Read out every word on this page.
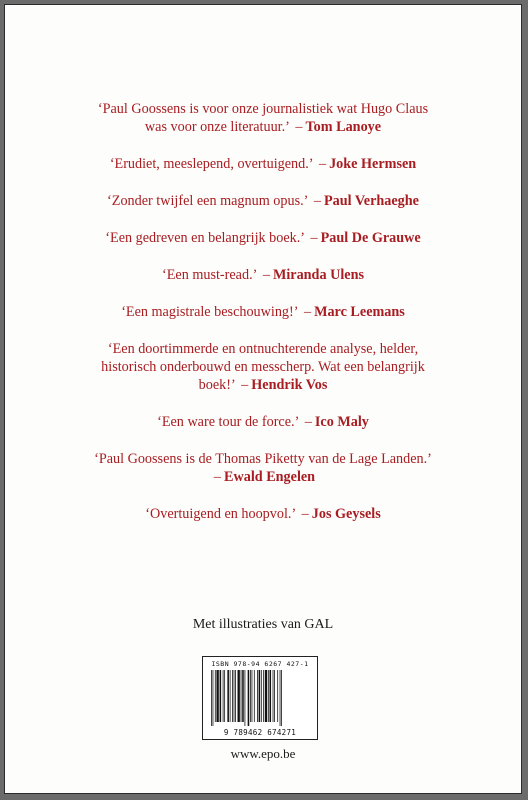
‘Paul Goossens is voor onze journalistiek wat Hugo Claus
was voor onze literatuur.’ – Tom Lanoye
‘Erudiet, meeslepend, overtuigend.’ – Joke Hermsen
‘Zonder twijfel een magnum opus.’ – Paul Verhaeghe
‘Een gedreven en belangrijk boek.’ – Paul De Grauwe
‘Een must-read.’ – Miranda Ulens
‘Een magistrale beschouwing!’ – Marc Leemans
‘Een doortimmerde en ontnuchterende analyse, helder,
historisch onderbouwd en messcherp. Wat een belangrijk
boek!’ – Hendrik Vos
‘Een ware tour de force.’ – Ico Maly
‘Paul Goossens is de Thomas Piketty van de Lage Landen.’
– Ewald Engelen
‘Overtuigend en hoopvol.’ – Jos Geysels
Met illustraties van GAL
ISBN 978-94 6267 427-1
9 789462 674271
www.epo.be
